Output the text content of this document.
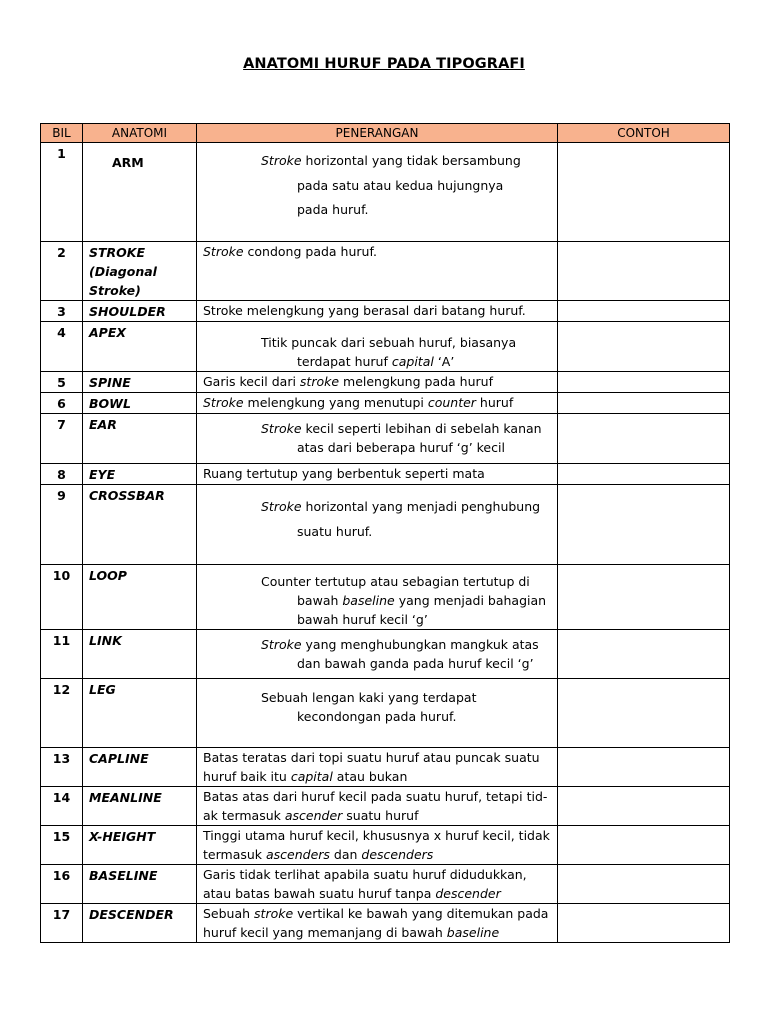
ANATOMI HURUF PADA TIPOGRAFI
BIL	ANATOMI	PENERANGAN	CONTOH
1	ARM	Stroke horizontal yang tidak bersambung
pada satu atau kedua hujungnya
pada huruf.	

2	STROKE
(Diagonal
Stroke)	Stroke condong pada huruf.	

3	SHOULDER	Stroke melengkung yang berasal dari batang huruf.	
4	APEX	Titik puncak dari sebuah huruf, biasanya
terdapat huruf capital ‘A’	

5	SPINE	Garis kecil dari stroke melengkung pada huruf	
6	BOWL	Stroke melengkung yang menutupi counter huruf	
7	EAR	Stroke kecil seperti lebihan di sebelah kanan
atas dari beberapa huruf ‘g’ kecil	

8	EYE	Ruang tertutup yang berbentuk seperti mata	
9	CROSSBAR	Stroke horizontal yang menjadi penghubung
suatu huruf.	

10	LOOP	Counter tertutup atau sebagian tertutup di
bawah baseline yang menjadi bahagian
bawah huruf kecil ‘g’	

11	LINK	Stroke yang menghubungkan mangkuk atas
dan bawah ganda pada huruf kecil ‘g’	

12	LEG	Sebuah lengan kaki yang terdapat
kecondongan pada huruf.	

13	CAPLINE	Batas teratas dari topi suatu huruf atau puncak suatu
huruf baik itu capital atau bukan	

14	MEANLINE	Batas atas dari huruf kecil pada suatu huruf, tetapi tid-
ak termasuk ascender suatu huruf	

15	X-HEIGHT	Tinggi utama huruf kecil, khususnya x huruf kecil, tidak
termasuk ascenders dan descenders	

16	BASELINE	Garis tidak terlihat apabila suatu huruf didudukkan,
atau batas bawah suatu huruf tanpa descender	

17	DESCENDER	Sebuah stroke vertikal ke bawah yang ditemukan pada
huruf kecil yang memanjang di bawah baseline	
